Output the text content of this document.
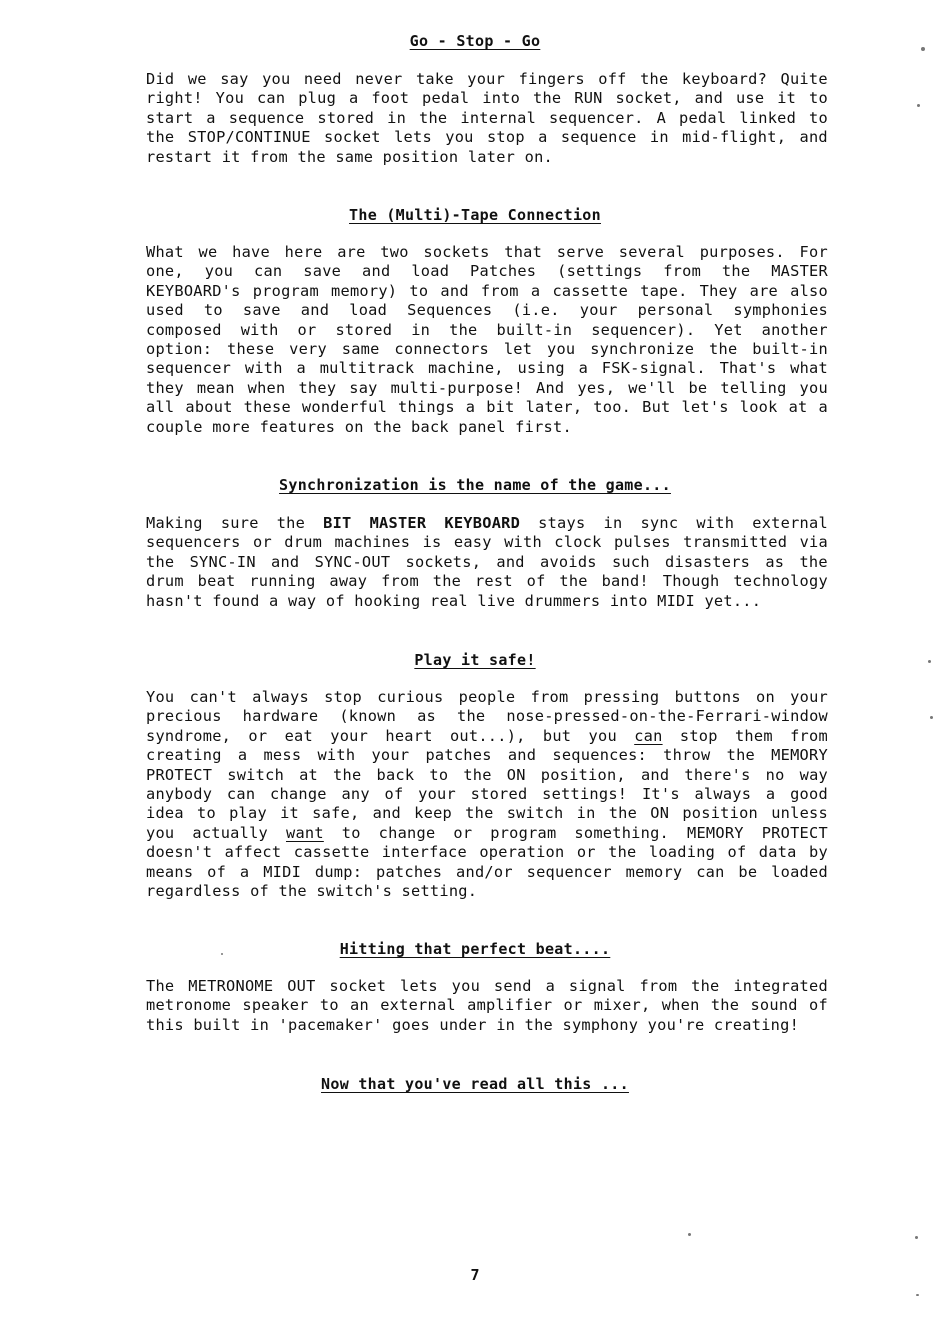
Go - Stop - Go
Did we say you need never take your fingers off the keyboard? Quite
right! You can plug a foot pedal into the RUN socket, and use it to
start a sequence stored in the internal sequencer. A pedal linked to
the STOP/CONTINUE socket lets you stop a sequence in mid-flight, and
restart it from the same position later on.
The (Multi)-Tape Connection
What we have here are two sockets that serve several purposes. For
one, you can save and load Patches (settings from the MASTER
KEYBOARD's program memory) to and from a cassette tape. They are also
used to save and load Sequences (i.e. your personal symphonies
composed with or stored in the built-in sequencer). Yet another
option: these very same connectors let you synchronize the built-in
sequencer with a multitrack machine, using a FSK-signal. That's what
they mean when they say multi-purpose! And yes, we'll be telling you
all about these wonderful things a bit later, too. But let's look at a
couple more features on the back panel first.
Synchronization is the name of the game...
Making sure the BIT MASTER KEYBOARD stays in sync with external
sequencers or drum machines is easy with clock pulses transmitted via
the SYNC-IN and SYNC-OUT sockets, and avoids such disasters as the
drum beat running away from the rest of the band! Though technology
hasn't found a way of hooking real live drummers into MIDI yet...
Play it safe!
You can't always stop curious people from pressing buttons on your
precious hardware (known as the nose-pressed-on-the-Ferrari-window
syndrome, or eat your heart out...), but you can stop them from
creating a mess with your patches and sequences: throw the MEMORY
PROTECT switch at the back to the ON position, and there's no way
anybody can change any of your stored settings! It's always a good
idea to play it safe, and keep the switch in the ON position unless
you actually want to change or program something. MEMORY PROTECT
doesn't affect cassette interface operation or the loading of data by
means of a MIDI dump: patches and/or sequencer memory can be loaded
regardless of the switch's setting.
Hitting that perfect beat....
The METRONOME OUT socket lets you send a signal from the integrated
metronome speaker to an external amplifier or mixer, when the sound of
this built in 'pacemaker' goes under in the symphony you're creating!
Now that you've read all this ...
7
